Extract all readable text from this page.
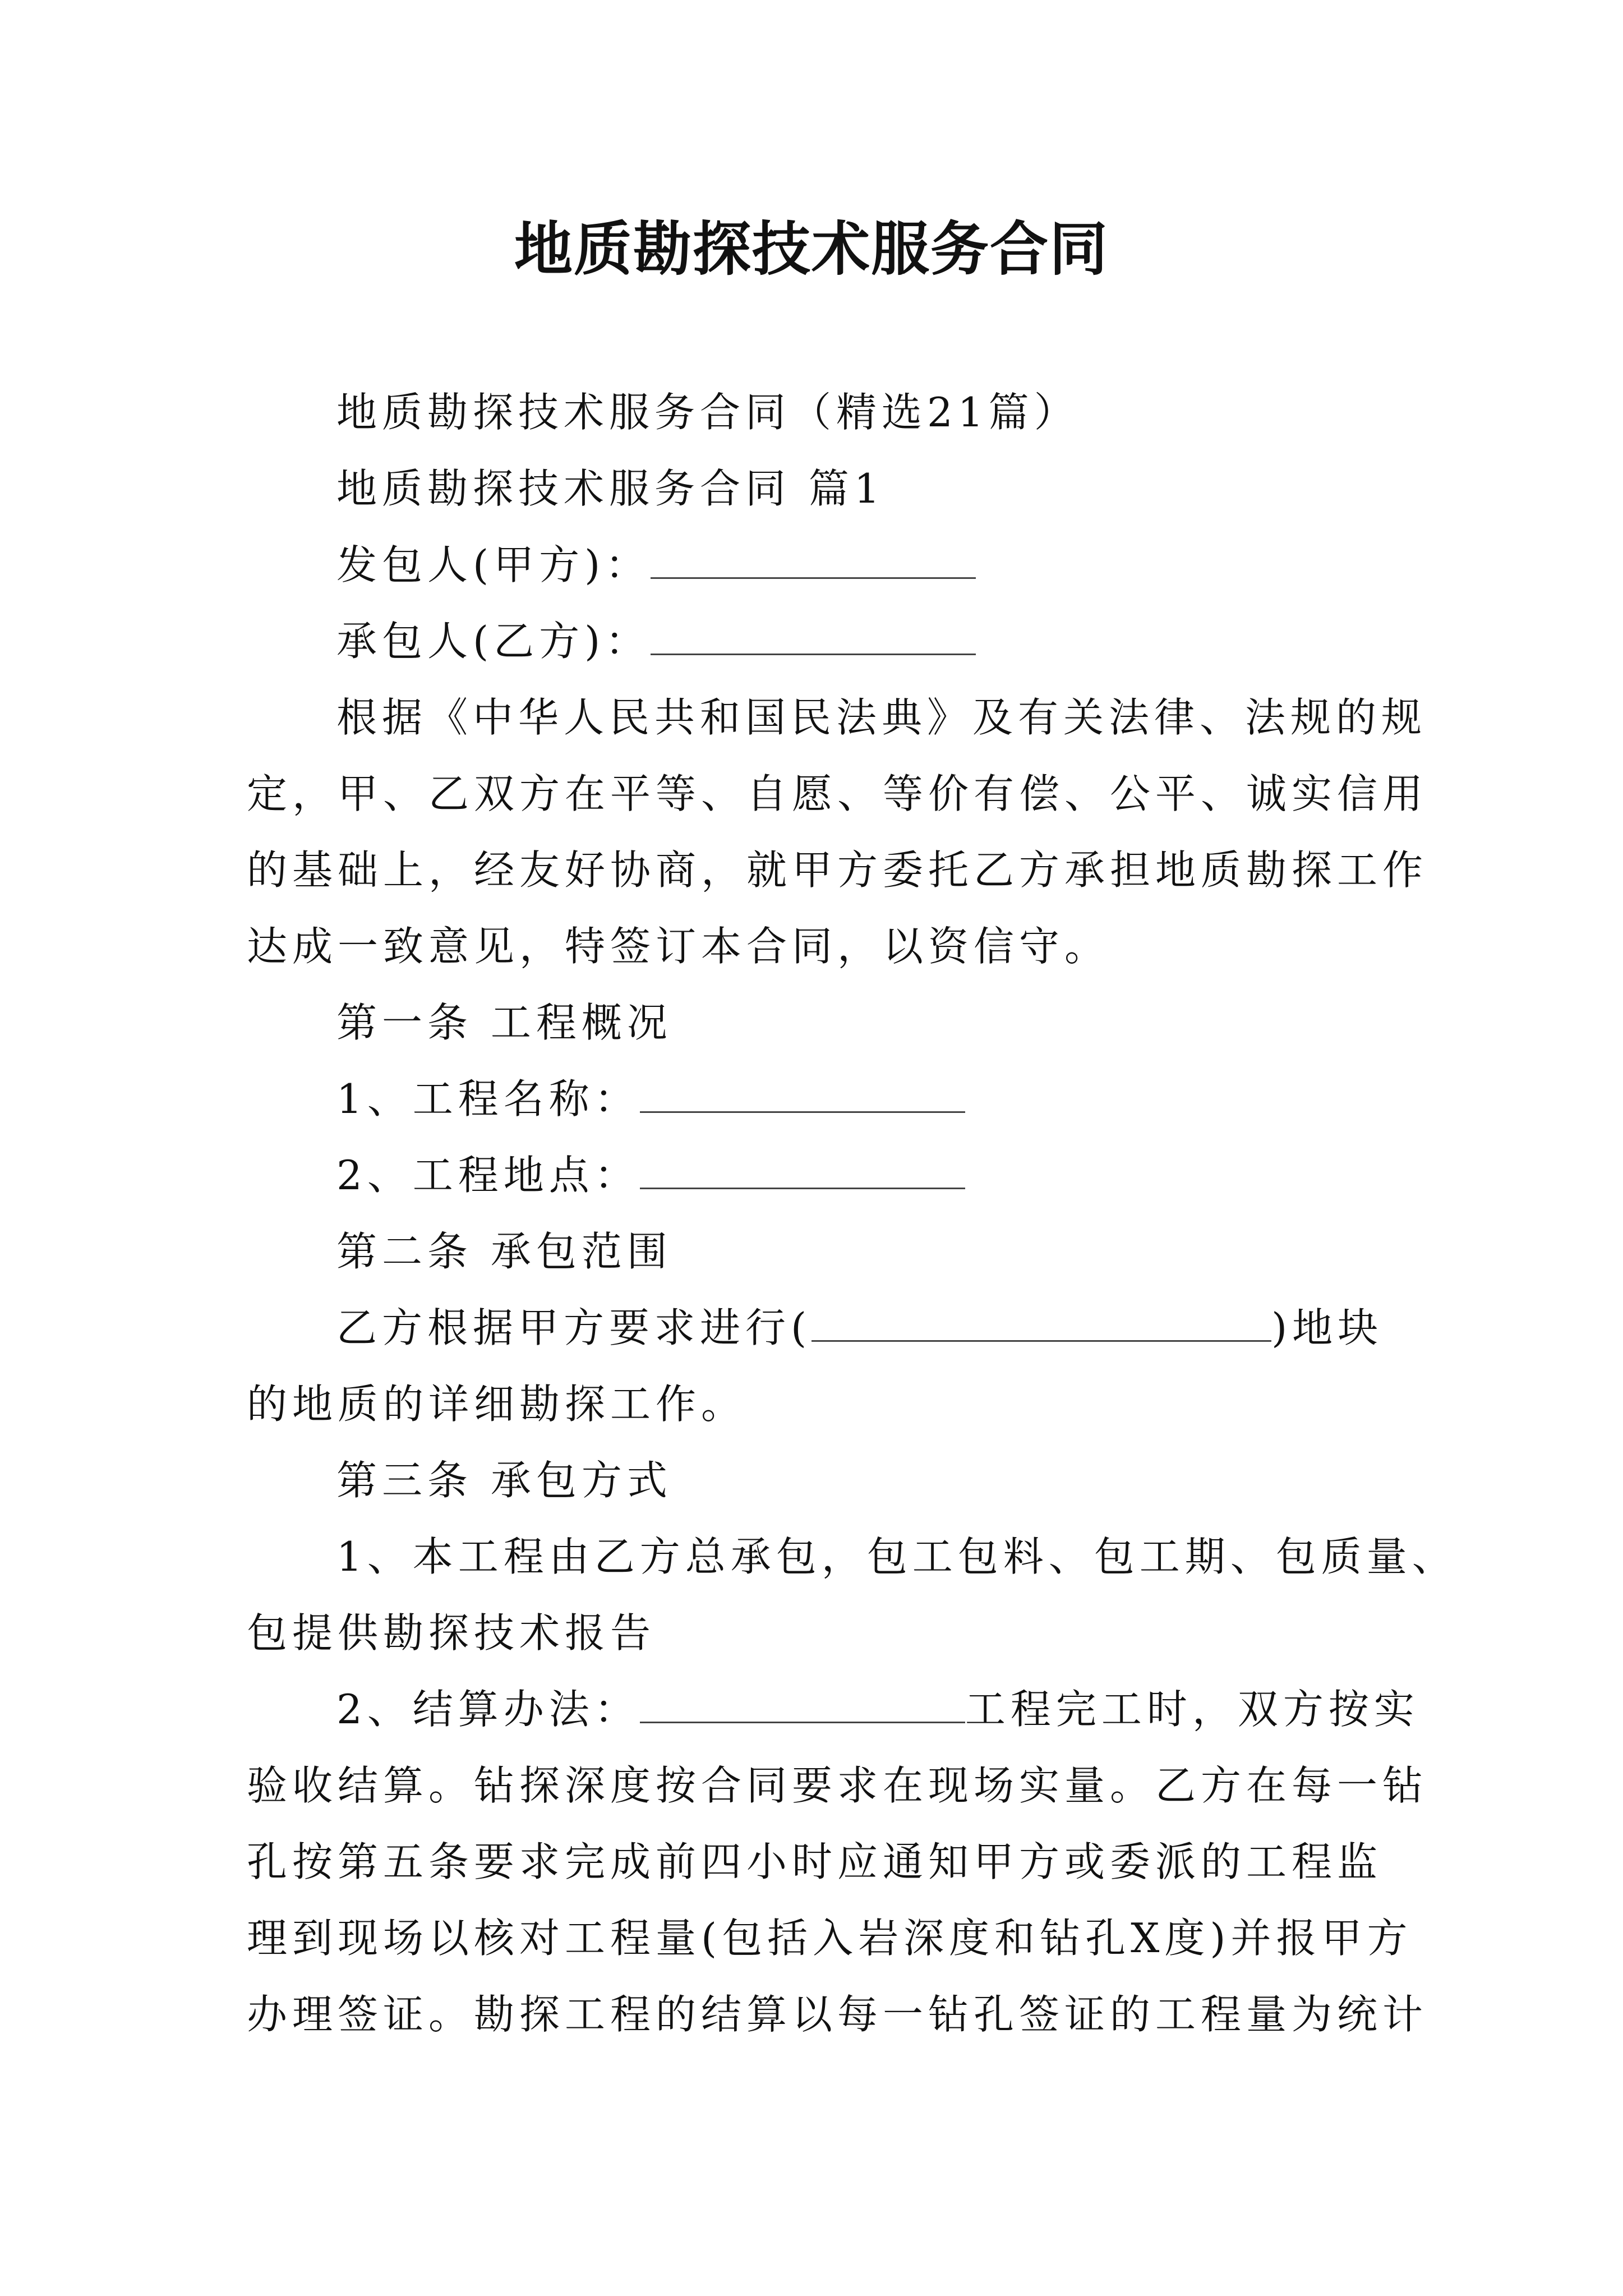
地质勘探技术服务合同
地质勘探技术服务合同（精选21篇）
地质勘探技术服务合同 篇1
发包人(甲方)：
承包人(乙方)：
根据《中华人民共和国民法典》及有关法律、法规的规
定，甲、乙双方在平等、自愿、等价有偿、公平、诚实信用
的基础上，经友好协商，就甲方委托乙方承担地质勘探工作
达成一致意见，特签订本合同，以资信守。
第一条 工程概况
1、工程名称：
2、工程地点：
第二条 承包范围
乙方根据甲方要求进行(	)地块
的地质的详细勘探工作。
第三条 承包方式
1、本工程由乙方总承包，包工包料、包工期、包质量、
包提供勘探技术报告
2、结算办法：	工程完工时，双方按实
验收结算。钻探深度按合同要求在现场实量。乙方在每一钻
孔按第五条要求完成前四小时应通知甲方或委派的工程监
理到现场以核对工程量(包括入岩深度和钻孔X度)并报甲方
办理签证。勘探工程的结算以每一钻孔签证的工程量为统计
